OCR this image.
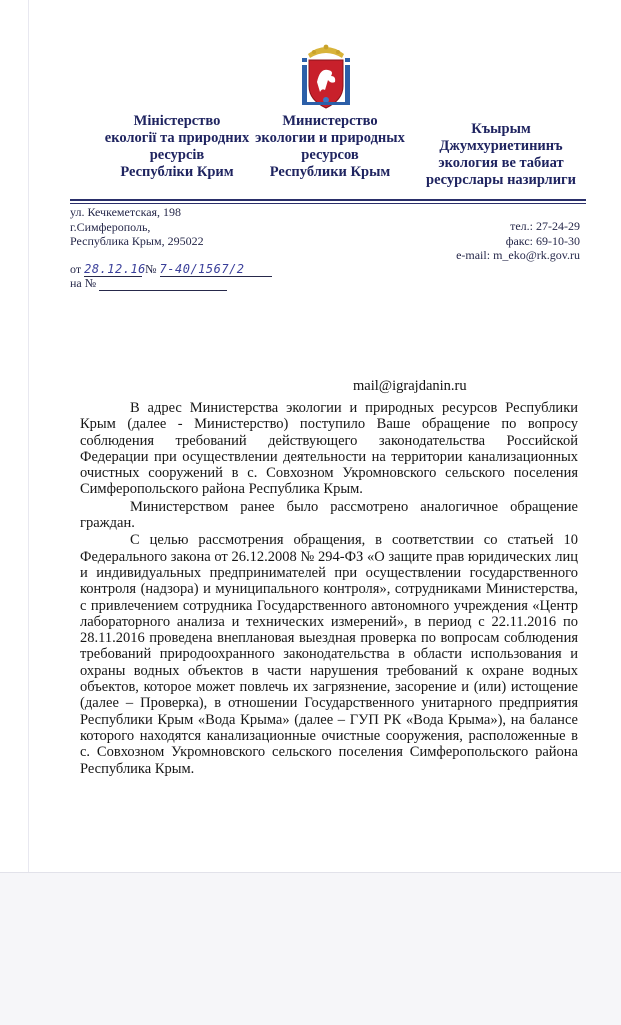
Міністерство
екології та природних
ресурсів
Республіки Крим
Министерство
экологии и природных
ресурсов
Республики Крым
Къырым
Джумхуриетининъ
экология ве табиат
ресурслары назирлиги
ул. Кечкеметская, 198
г.Симферополь,
Республика Крым, 295022
тел.: 27-24-29
факс: 69-10-30
e-mail: m_eko@rk.gov.ru
от 28.12.16 № 7-40/1567/2
на №
mail@igrajdanin.ru

В адрес Министерства экологии и природных ресурсов Республики Крым (далее - Министерство) поступило Ваше обращение по вопросу соблюдения требований действующего законодательства Российской Федерации при осуществлении деятельности на территории канализационных очистных сооружений в с. Совхозном Укромновского сельского поселения Симферопольского района Республика Крым.

Министерством ранее было рассмотрено аналогичное обращение граждан.

С целью рассмотрения обращения, в соответствии со статьей 10 Федерального закона от 26.12.2008 № 294-ФЗ «О защите прав юридических лиц и индивидуальных предпринимателей при осуществлении государственного контроля (надзора) и муниципального контроля», сотрудниками Министерства, с привлечением сотрудника Государственного автономного учреждения «Центр лабораторного анализа и технических измерений», в период с 22.11.2016 по 28.11.2016 проведена внеплановая выездная проверка по вопросам соблюдения требований природоохранного законодательства в области использования и охраны водных объектов в части нарушения требований к охране водных объектов, которое может повлечь их загрязнение, засорение и (или) истощение (далее – Проверка), в отношении Государственного унитарного предприятия Республики Крым «Вода Крыма» (далее – ГУП РК «Вода Крыма»), на балансе которого находятся канализационные очистные сооружения, расположенные в с. Совхозном Укромновского сельского поселения Симферопольского района Республика Крым.
